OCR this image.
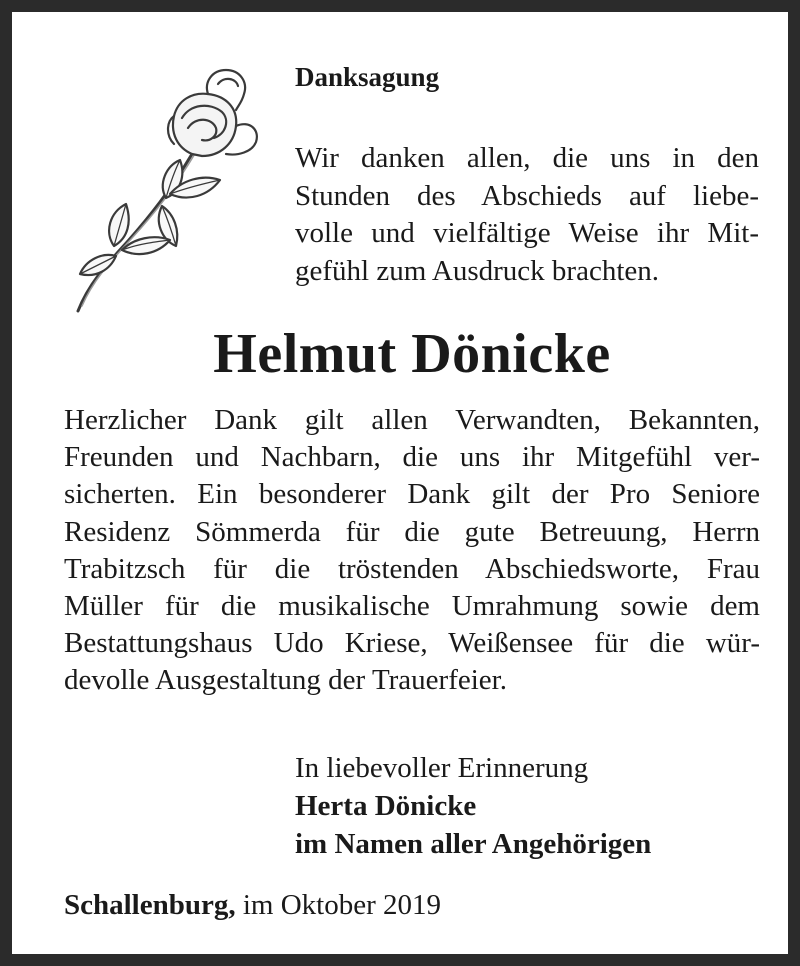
Danksagung

Wir danken allen, die uns in den
Stunden des Abschieds auf liebe-
volle und vielfältige Weise ihr Mit-
gefühl zum Ausdruck brachten.

Helmut Dönicke

Herzlicher Dank gilt allen Verwandten, Bekannten,
Freunden und Nachbarn, die uns ihr Mitgefühl ver-
sicherten. Ein besonderer Dank gilt der Pro Seniore
Residenz Sömmerda für die gute Betreuung, Herrn
Trabitzsch für die tröstenden Abschiedsworte, Frau
Müller für die musikalische Umrahmung sowie dem
Bestattungshaus Udo Kriese, Weißensee für die wür-
devolle Ausgestaltung der Trauerfeier.

In liebevoller Erinnerung
Herta Dönicke
im Namen aller Angehörigen

Schallenburg, im Oktober 2019
